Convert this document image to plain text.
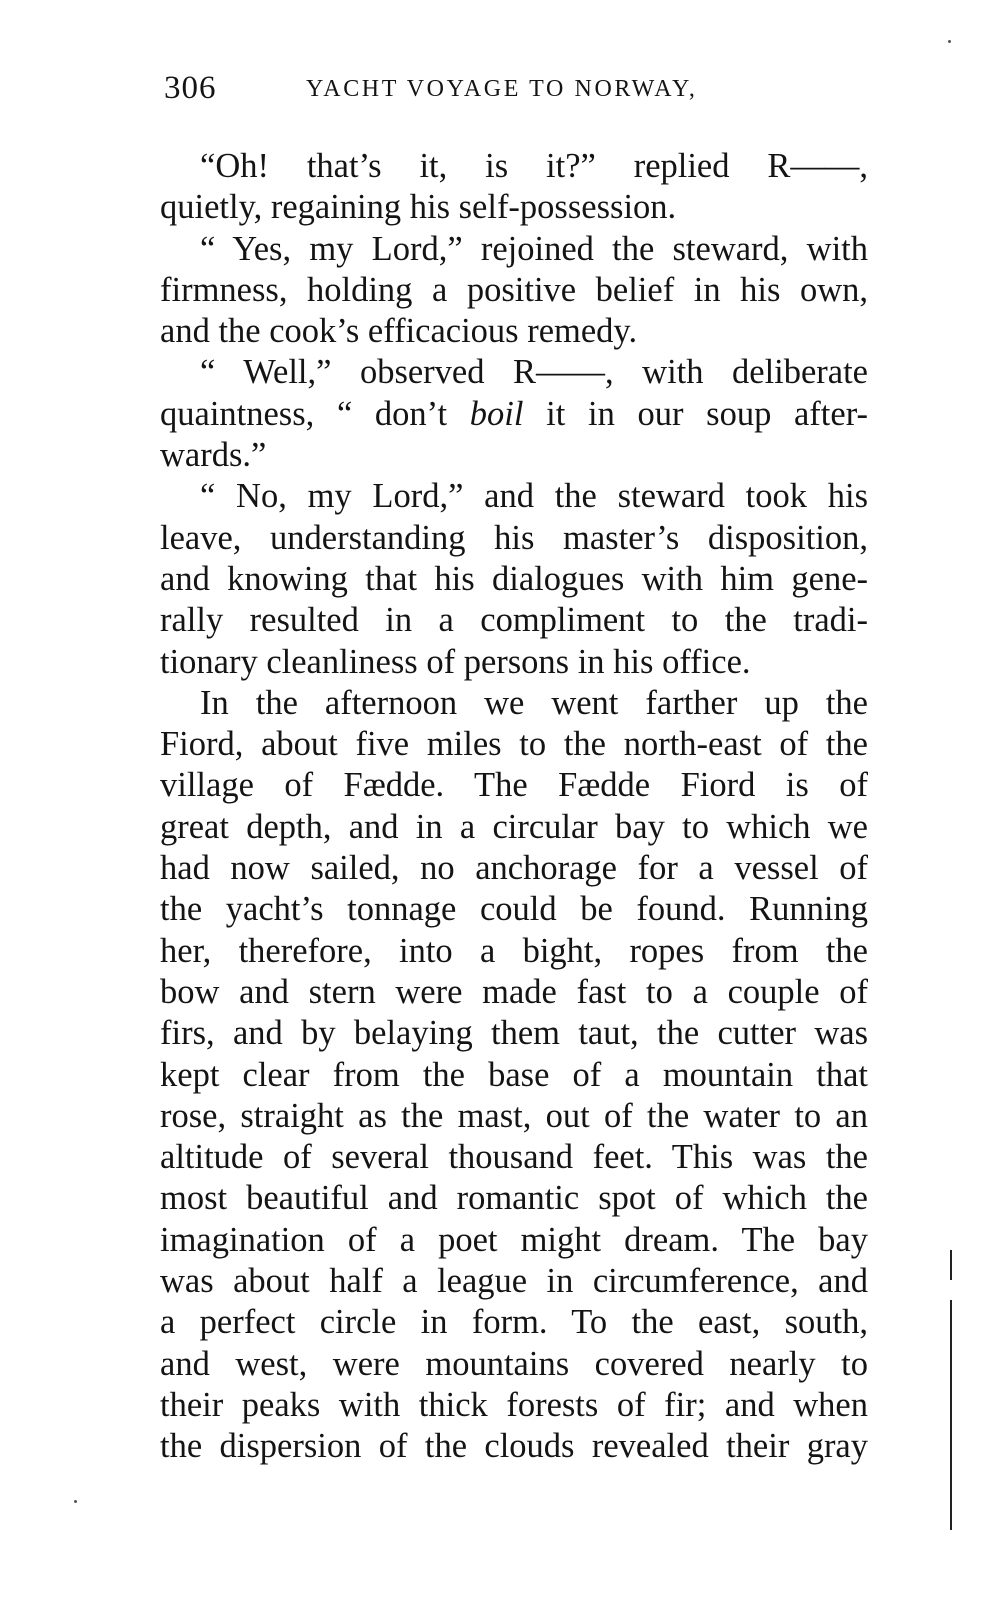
306	YACHT VOYAGE TO NORWAY,
“Oh! that’s it, is it?” replied R——,
quietly, regaining his self-possession.
“ Yes, my Lord,” rejoined the steward, with
firmness, holding a positive belief in his own,
and the cook’s efficacious remedy.
“ Well,” observed R——, with deliberate
quaintness, “ don’t boil it in our soup after-
wards.”
“ No, my Lord,” and the steward took his
leave, understanding his master’s disposition,
and knowing that his dialogues with him gene-
rally resulted in a compliment to the tradi-
tionary cleanliness of persons in his office.
In the afternoon we went farther up the
Fiord, about five miles to the north-east of the
village of Fædde. The Fædde Fiord is of
great depth, and in a circular bay to which we
had now sailed, no anchorage for a vessel of
the yacht’s tonnage could be found. Running
her, therefore, into a bight, ropes from the
bow and stern were made fast to a couple of
firs, and by belaying them taut, the cutter was
kept clear from the base of a mountain that
rose, straight as the mast, out of the water to an
altitude of several thousand feet. This was the
most beautiful and romantic spot of which the
imagination of a poet might dream. The bay
was about half a league in circumference, and
a perfect circle in form. To the east, south,
and west, were mountains covered nearly to
their peaks with thick forests of fir; and when
the dispersion of the clouds revealed their gray
